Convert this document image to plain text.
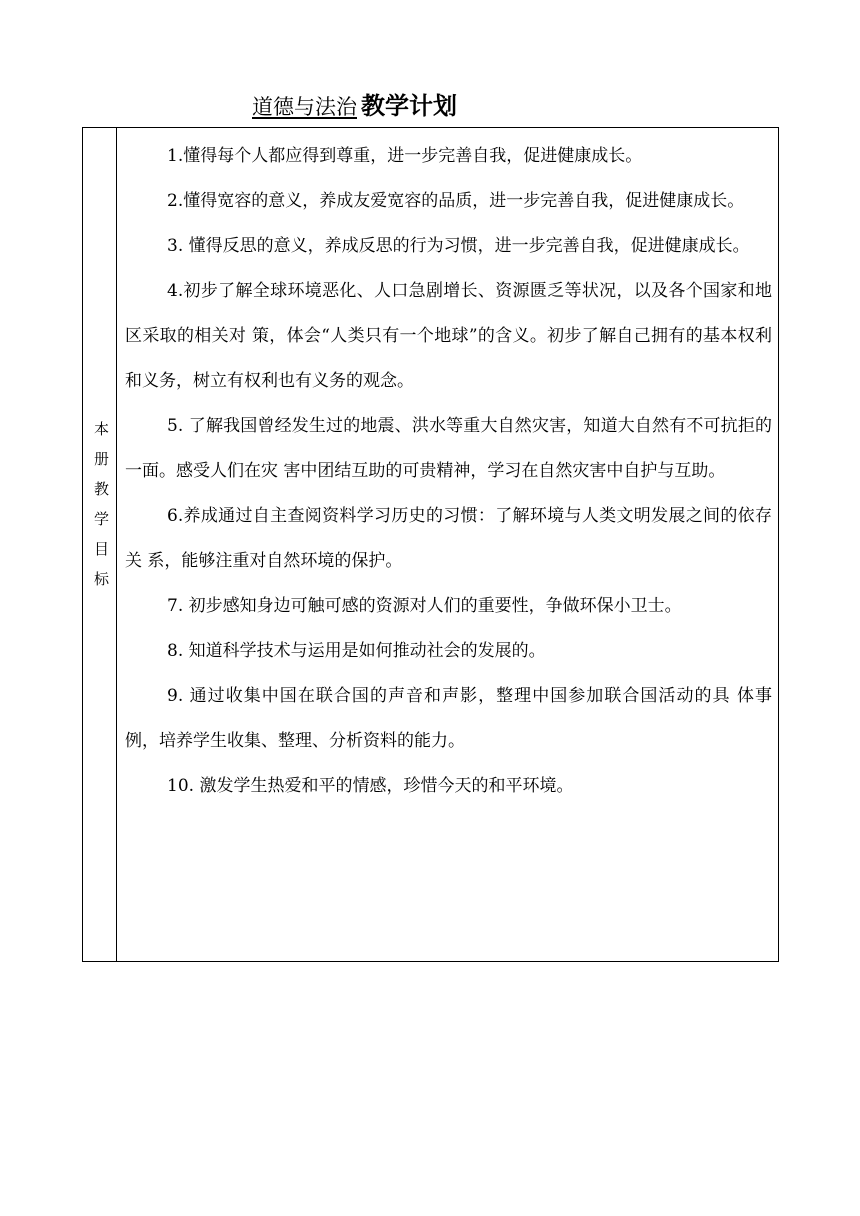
道德与法治 教学计划
本册教学目标

1.懂得每个人都应得到尊重，进一步完善自我，促进健康成长。

2.懂得宽容的意义，养成友爱宽容的品质，进一步完善自我，促进健康成长。

3. 懂得反思的意义，养成反思的行为习惯，进一步完善自我，促进健康成长。

4.初步了解全球环境恶化、人口急剧增长、资源匮乏等状况，以及各个国家和地区采取的相关对 策，体会“人类只有一个地球”的含义。初步了解自己拥有的基本权利和义务，树立有权利也有义务的观念。

5. 了解我国曾经发生过的地震、洪水等重大自然灾害，知道大自然有不可抗拒的一面。感受人们在灾 害中团结互助的可贵精神，学习在自然灾害中自护与互助。

6.养成通过自主查阅资料学习历史的习惯：了解环境与人类文明发展之间的依存关 系，能够注重对自然环境的保护。

7. 初步感知身边可触可感的资源对人们的重要性，争做环保小卫士。

8. 知道科学技术与运用是如何推动社会的发展的。

9. 通过收集中国在联合国的声音和声影，整理中国参加联合国活动的具 体事例，培养学生收集、整理、分析资料的能力。

10. 激发学生热爱和平的情感，珍惜今天的和平环境。
